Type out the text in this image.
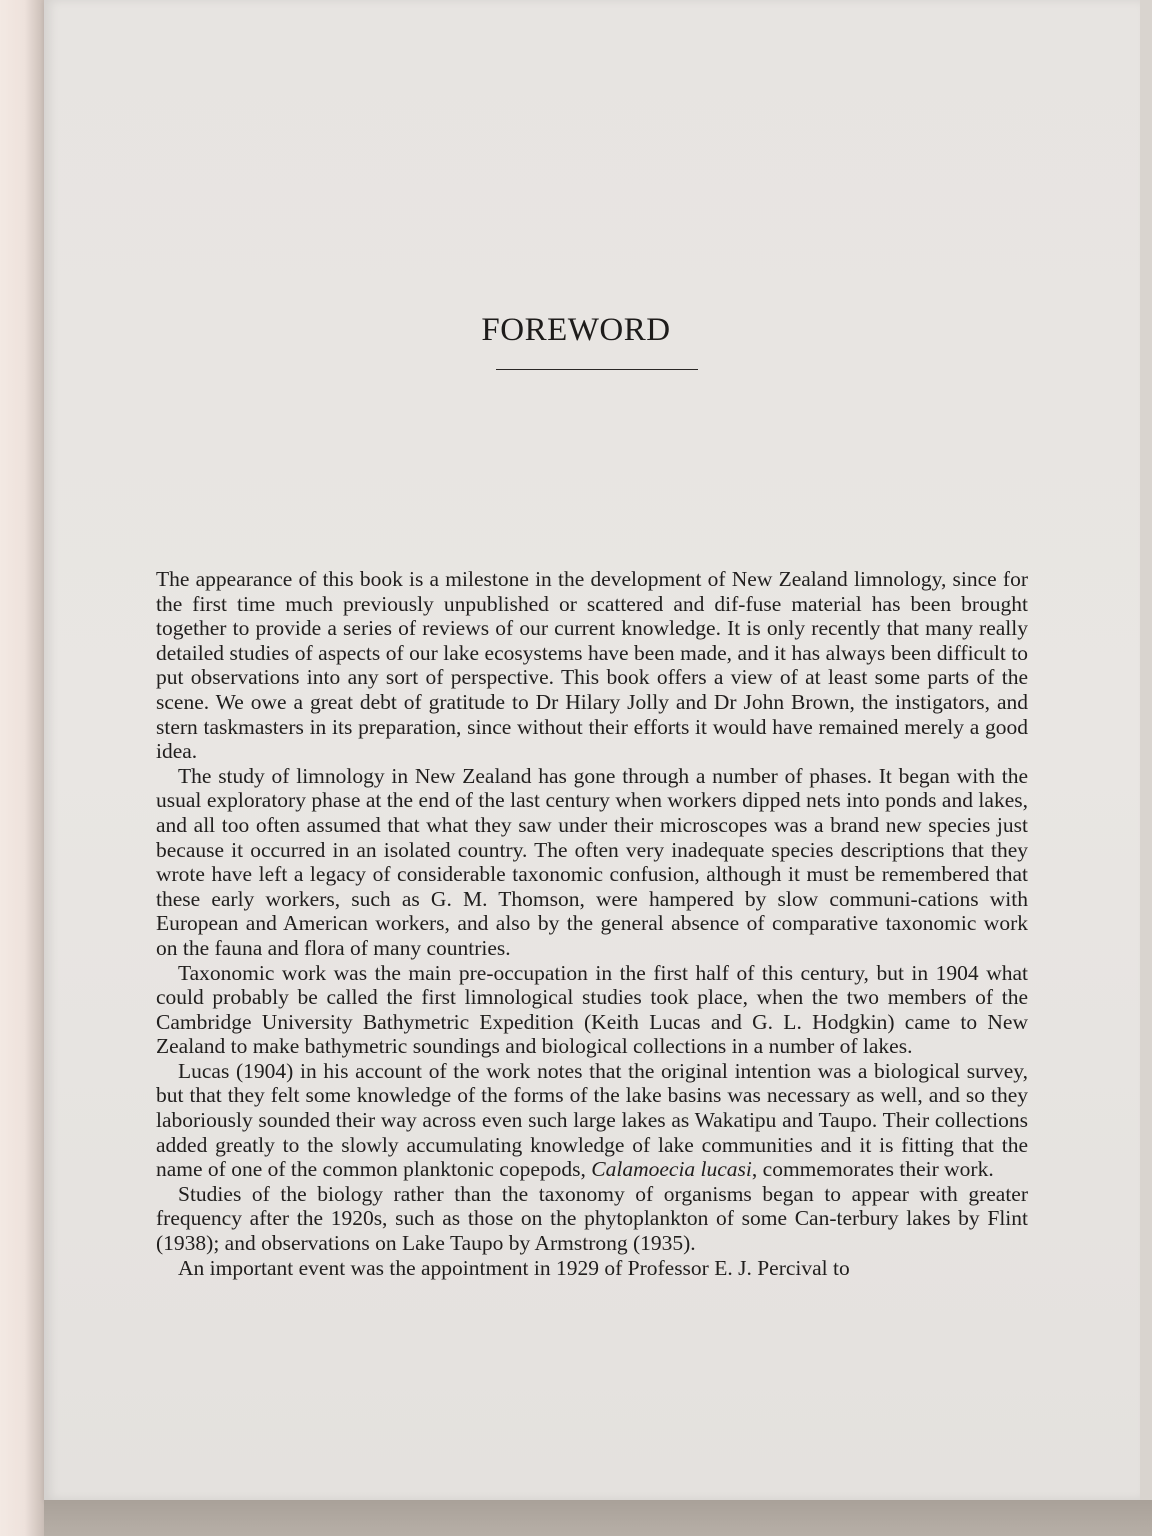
FOREWORD

The appearance of this book is a milestone in the development of New Zealand limnology, since for the first time much previously unpublished or scattered and dif-fuse material has been brought together to provide a series of reviews of our current knowledge. It is only recently that many really detailed studies of aspects of our lake ecosystems have been made, and it has always been difficult to put observations into any sort of perspective. This book offers a view of at least some parts of the scene. We owe a great debt of gratitude to Dr Hilary Jolly and Dr John Brown, the instigators, and stern taskmasters in its preparation, since without their efforts it would have remained merely a good idea.

The study of limnology in New Zealand has gone through a number of phases. It began with the usual exploratory phase at the end of the last century when workers dipped nets into ponds and lakes, and all too often assumed that what they saw under their microscopes was a brand new species just because it occurred in an isolated country. The often very inadequate species descriptions that they wrote have left a legacy of considerable taxonomic confusion, although it must be remembered that these early workers, such as G. M. Thomson, were hampered by slow communi-cations with European and American workers, and also by the general absence of comparative taxonomic work on the fauna and flora of many countries.

Taxonomic work was the main pre-occupation in the first half of this century, but in 1904 what could probably be called the first limnological studies took place, when the two members of the Cambridge University Bathymetric Expedition (Keith Lucas and G. L. Hodgkin) came to New Zealand to make bathymetric soundings and biological collections in a number of lakes.

Lucas (1904) in his account of the work notes that the original intention was a biological survey, but that they felt some knowledge of the forms of the lake basins was necessary as well, and so they laboriously sounded their way across even such large lakes as Wakatipu and Taupo. Their collections added greatly to the slowly accumulating knowledge of lake communities and it is fitting that the name of one of the common planktonic copepods, Calamoecia lucasi, commemorates their work.

Studies of the biology rather than the taxonomy of organisms began to appear with greater frequency after the 1920s, such as those on the phytoplankton of some Can-terbury lakes by Flint (1938); and observations on Lake Taupo by Armstrong (1935).

An important event was the appointment in 1929 of Professor E. J. Percival to
